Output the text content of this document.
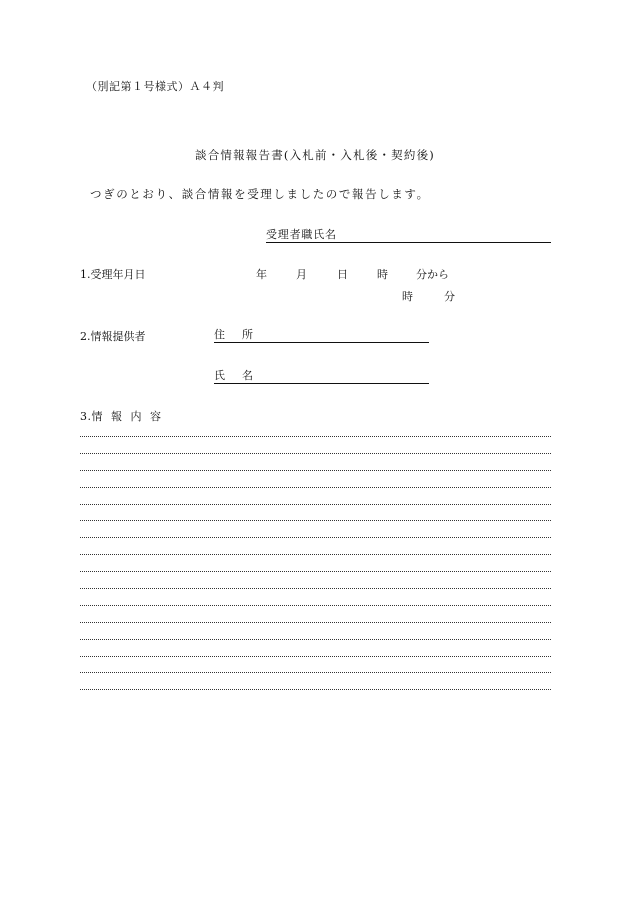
（別記第１号様式）Ａ４判
談合情報報告書(入札前・入札後・契約後)
つぎのとおり、談合情報を受理しましたので報告します。
受理者職氏名
1.受理年月日	年	月	日	時	分から
時	分
2.情報提供者	住 所
氏 名
3.情 報 内 容
